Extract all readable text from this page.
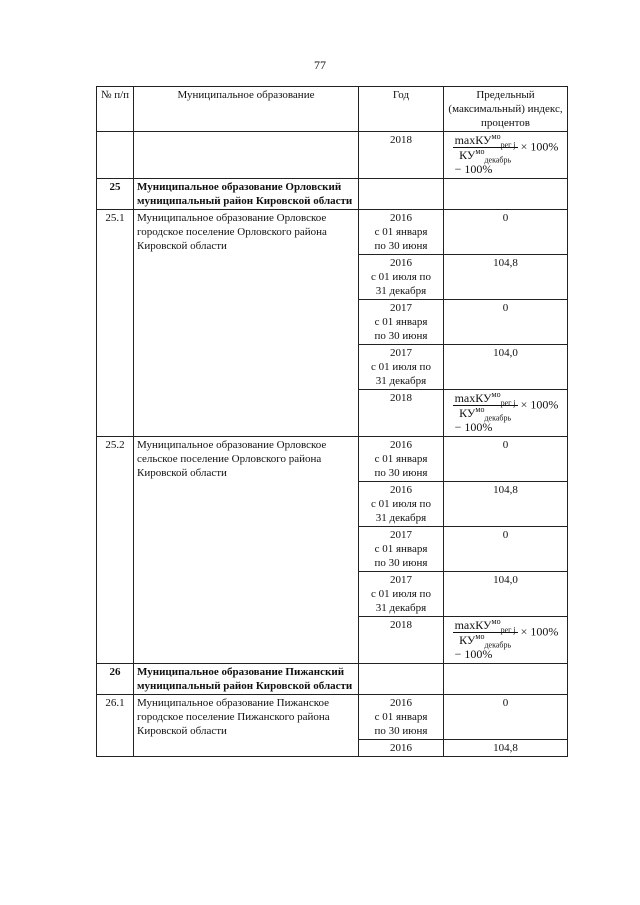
77
№ п/п	Муниципальное образование	Год	Предельный (максимальный) индекс, процентов
		2018	$\frac{\max КУ^{мо}_{рег j}}{КУ^{мо}_{декабрь}} \times 100\%$
− 100%

25	Муниципальное образование Орловский муниципальный район Кировской области		
25.1	Муниципальное образование Орловское городское поселение Орловского района Кировской области	2016
с 01 января
по 30 июня	0
		2016
с 01 июля по
31 декабря	104,8
		2017
с 01 января
по 30 июня	0
		2017
с 01 июля по
31 декабря	104,0
		2018	$\frac{\max КУ^{мо}_{рег j}}{КУ^{мо}_{декабрь}} \times 100\%$
− 100%

25.2	Муниципальное образование Орловское сельское поселение Орловского района Кировской области	2016
с 01 января
по 30 июня	0
		2016
с 01 июля по
31 декабря	104,8
		2017
с 01 января
по 30 июня	0
		2017
с 01 июля по
31 декабря	104,0
		2018	$\frac{\max КУ^{мо}_{рег j}}{КУ^{мо}_{декабрь}} \times 100\%$
− 100%

26	Муниципальное образование Пижанский муниципальный район Кировской области		
26.1	Муниципальное образование Пижанское городское поселение Пижанского района Кировской области	2016
с 01 января
по 30 июня	0
		2016	104,8
